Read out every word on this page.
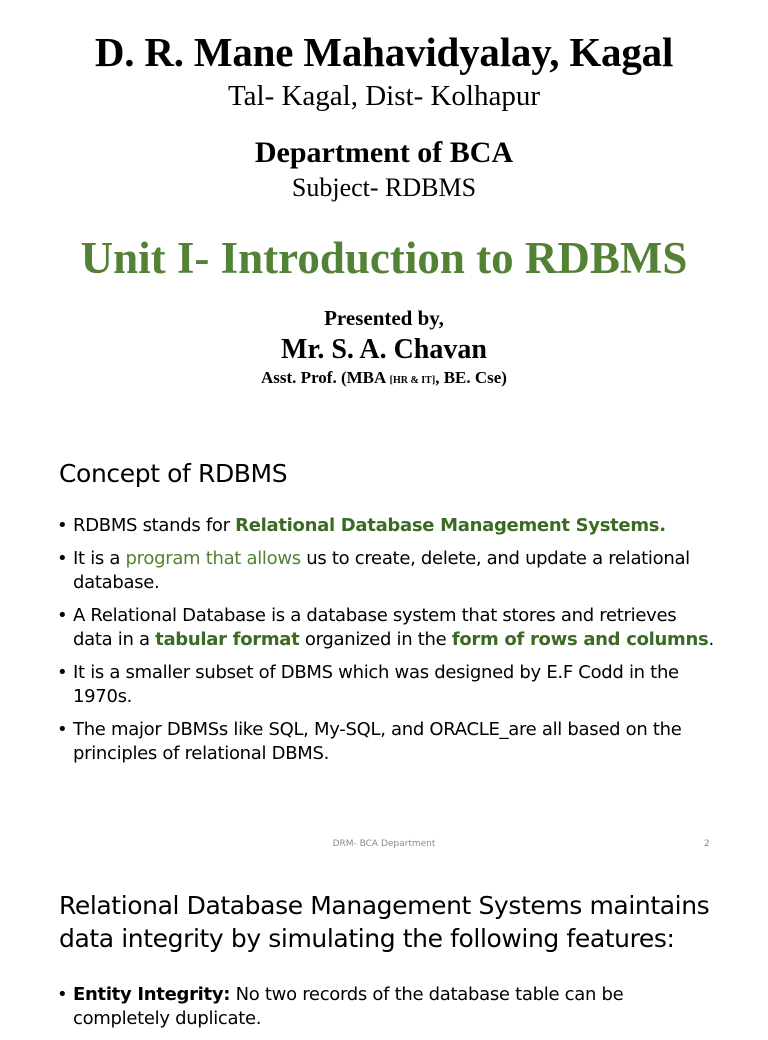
D. R. Mane Mahavidyalay, Kagal
Tal- Kagal, Dist- Kolhapur
Department of BCA
Subject- RDBMS
Unit I- Introduction to RDBMS
Presented by,
Mr. S. A. Chavan
Asst. Prof. (MBA [HR & IT], BE. Cse)
Concept of RDBMS
• RDBMS stands for Relational Database Management Systems.
• It is a program that allows us to create, delete, and update a relational database.
• A Relational Database is a database system that stores and retrieves data in a tabular format organized in the form of rows and columns.
• It is a smaller subset of DBMS which was designed by E.F Codd in the 1970s.
• The major DBMSs like SQL, My-SQL, and ORACLE_are all based on the principles of relational DBMS.
DRM- BCA Department	2
Relational Database Management Systems maintains data integrity by simulating the following features:
• Entity Integrity: No two records of the database table can be completely duplicate.
